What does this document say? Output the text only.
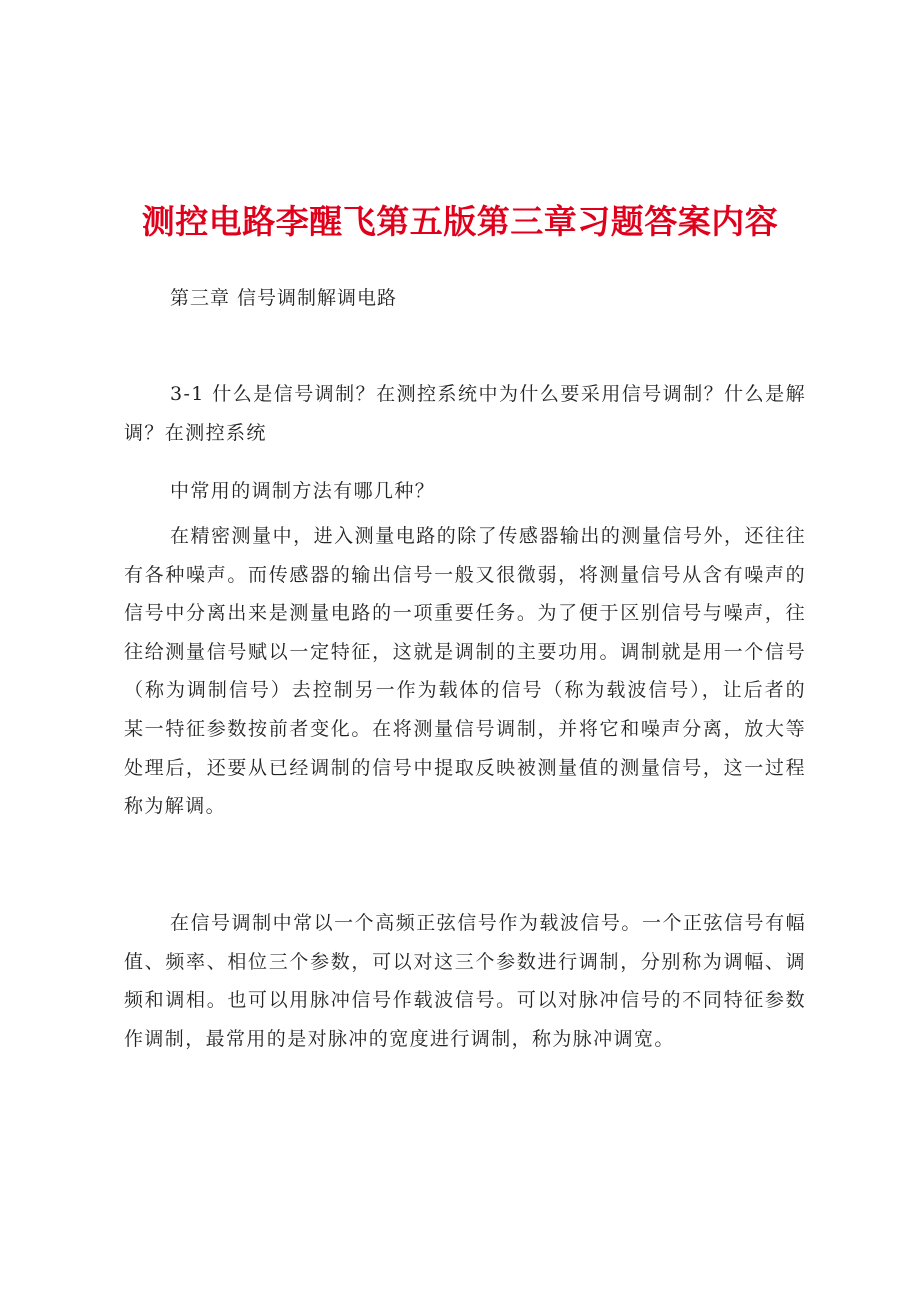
测控电路李醒飞第五版第三章习题答案内容
第三章 信号调制解调电路

3-1 什么是信号调制？在测控系统中为什么要采用信号调制？什么是解调？在测控系统

中常用的调制方法有哪几种？

在精密测量中，进入测量电路的除了传感器输出的测量信号外，还往往有各种噪声。而传感器的输出信号一般又很微弱，将测量信号从含有噪声的信号中分离出来是测量电路的一项重要任务。为了便于区别信号与噪声，往往给测量信号赋以一定特征，这就是调制的主要功用。调制就是用一个信号（称为调制信号）去控制另一作为载体的信号（称为载波信号），让后者的某一特征参数按前者变化。在将测量信号调制，并将它和噪声分离，放大等处理后，还要从已经调制的信号中提取反映被测量值的测量信号，这一过程称为解调。

在信号调制中常以一个高频正弦信号作为载波信号。一个正弦信号有幅值、频率、相位三个参数，可以对这三个参数进行调制，分别称为调幅、调频和调相。也可以用脉冲信号作载波信号。可以对脉冲信号的不同特征参数作调制，最常用的是对脉冲的宽度进行调制，称为脉冲调宽。
